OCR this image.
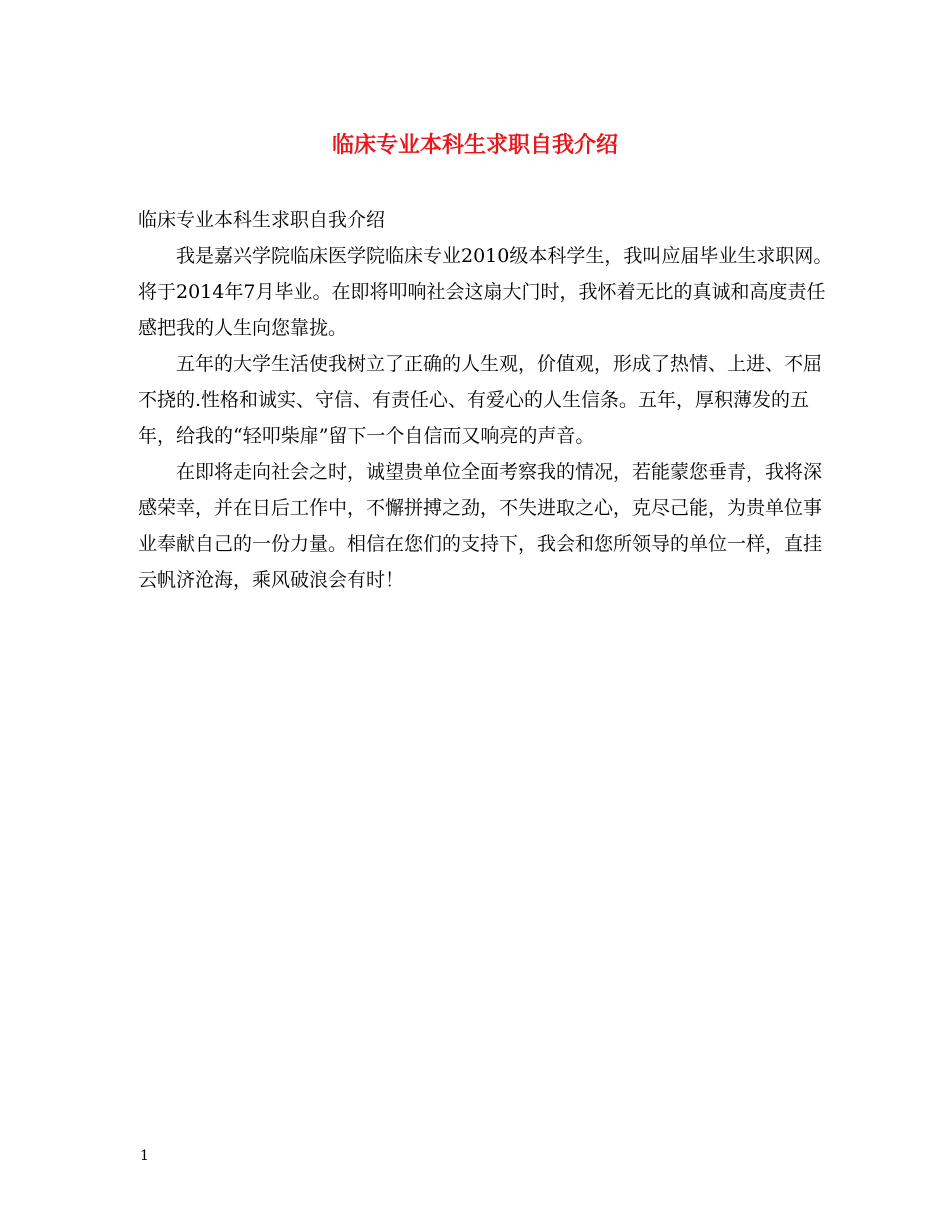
临床专业本科生求职自我介绍

临床专业本科生求职自我介绍

我是嘉兴学院临床医学院临床专业2010级本科学生，我叫应届毕业生求职网。将于2014年7月毕业。在即将叩响社会这扇大门时，我怀着无比的真诚和高度责任感把我的人生向您靠拢。

五年的大学生活使我树立了正确的人生观，价值观，形成了热情、上进、不屈不挠的.性格和诚实、守信、有责任心、有爱心的人生信条。五年，厚积薄发的五年，给我的“轻叩柴扉”留下一个自信而又响亮的声音。

在即将走向社会之时，诚望贵单位全面考察我的情况，若能蒙您垂青，我将深感荣幸，并在日后工作中，不懈拼搏之劲，不失进取之心，克尽己能，为贵单位事业奉献自己的一份力量。相信在您们的支持下，我会和您所领导的单位一样，直挂云帆济沧海，乘风破浪会有时！

1
